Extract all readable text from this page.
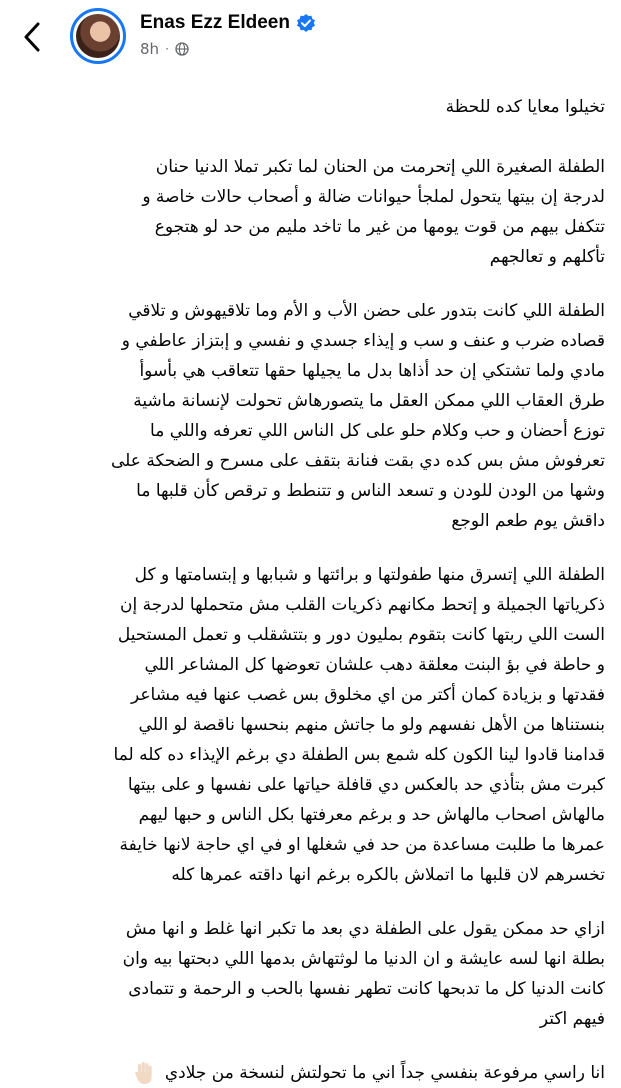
Enas Ezz Eldeen
8h ·

تخيلوا معايا كده للحظة

الطفلة الصغيرة اللي إتحرمت من الحنان لما تكبر تملا الدنيا حنان
لدرجة إن بيتها يتحول لملجأ حيوانات ضالة و أصحاب حالات خاصة و
تتكفل بيهم من قوت يومها من غير ما تاخد مليم من حد لو هتجوع
تأكلهم و تعالجهم

الطفلة اللي كانت بتدور على حضن الأب و الأم وما تلاقيهوش و تلاقي
قصاده ضرب و عنف و سب و إيذاء جسدي و نفسي و إبتزاز عاطفي و
مادي ولما تشتكي إن حد أذاها بدل ما يجيلها حقها تتعاقب هي بأسوأ
طرق العقاب اللي ممكن العقل ما يتصورهاش تحولت لإنسانة ماشية
توزع أحضان و حب وكلام حلو على كل الناس اللي تعرفه واللي ما
تعرفوش مش بس كده دي بقت فنانة بتقف على مسرح و الضحكة على
وشها من الودن للودن و تسعد الناس و تتنطط و ترقص كأن قلبها ما
داقش يوم طعم الوجع

الطفلة اللي إتسرق منها طفولتها و برائتها و شبابها و إبتسامتها و كل
ذكرياتها الجميلة و إتحط مكانهم ذكريات القلب مش متحملها لدرجة إن
الست اللي ربتها كانت بتقوم بمليون دور و بتتشقلب و تعمل المستحيل
و حاطة في بؤ البنت معلقة دهب علشان تعوضها كل المشاعر اللي
فقدتها و بزيادة كمان أكتر من اي مخلوق بس غصب عنها فيه مشاعر
بنستناها من الأهل نفسهم ولو ما جاتش منهم بنحسها ناقصة لو اللي
قدامنا قادوا لينا الكون كله شمع بس الطفلة دي برغم الإيذاء ده كله لما
كبرت مش بتأذي حد بالعكس دي قافلة حياتها على نفسها و على بيتها
مالهاش اصحاب مالهاش حد و برغم معرفتها بكل الناس و حبها ليهم
عمرها ما طلبت مساعدة من حد في شغلها او في اي حاجة لانها خايفة
تخسرهم لان قلبها ما اتملاش بالكره برغم انها داقته عمرها كله

ازاي حد ممكن يقول على الطفلة دي بعد ما تكبر انها غلط و انها مش
بطلة انها لسه عايشة و ان الدنيا ما لوثتهاش بدمها اللي دبحتها بيه وان
كانت الدنيا كل ما تدبحها كانت تطهر نفسها بالحب و الرحمة و تتمادى
فيهم اكتر

انا راسي مرفوعة بنفسي جداً اني ما تحولتش لنسخة من جلادي
